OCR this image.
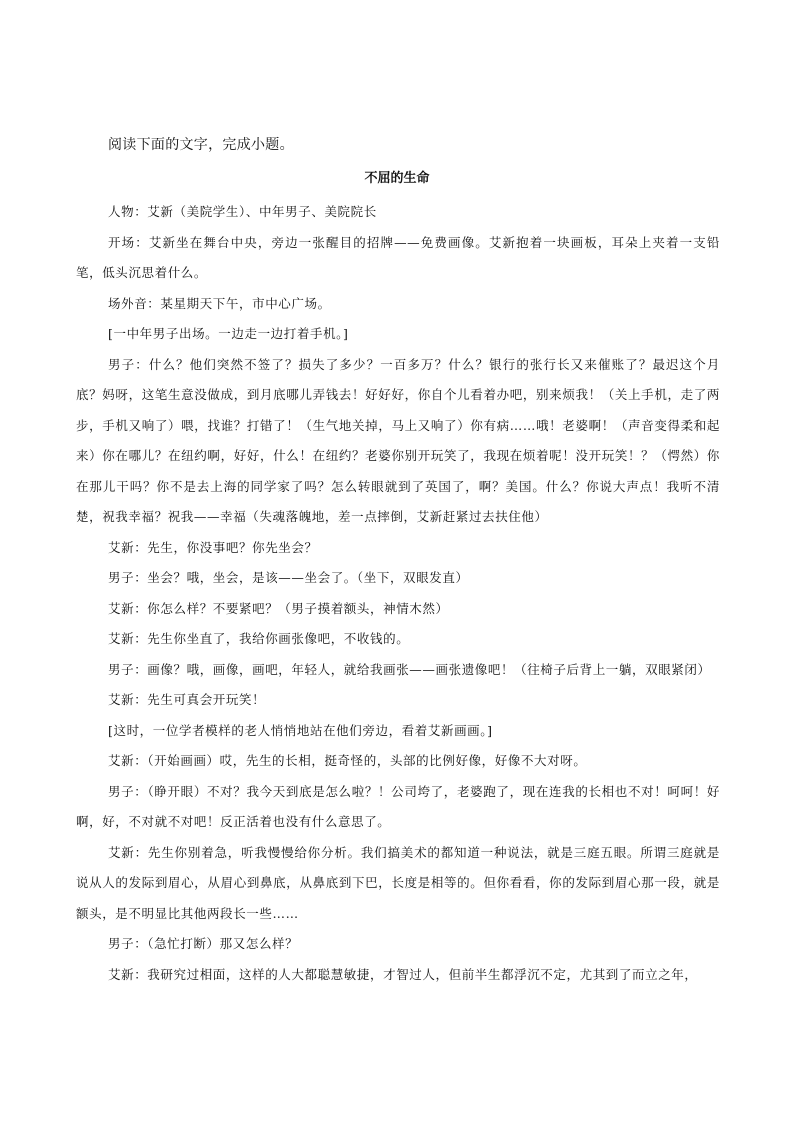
阅读下面的文字，完成小题。
不屈的生命

人物：艾新（美院学生）、中年男子、美院院长

开场：艾新坐在舞台中央，旁边一张醒目的招牌——免费画像。艾新抱着一块画板，耳朵上夹着一支铅笔，低头沉思着什么。

场外音：某星期天下午，市中心广场。

[一中年男子出场。一边走一边打着手机。]

男子：什么？他们突然不签了？损失了多少？一百多万？什么？银行的张行长又来催账了？最迟这个月底？妈呀，这笔生意没做成，到月底哪儿弄钱去！好好好，你自个儿看着办吧，别来烦我！（关上手机，走了两步，手机又响了）喂，找谁？打错了！（生气地关掉，马上又响了）你有病……哦！老婆啊！（声音变得柔和起来）你在哪儿？在纽约啊，好好，什么！在纽约？老婆你别开玩笑了，我现在烦着呢！没开玩笑！？（愕然）你在那儿干吗？你不是去上海的同学家了吗？怎么转眼就到了英国了，啊？美国。什么？你说大声点！我听不清楚，祝我幸福？祝我——幸福（失魂落魄地，差一点摔倒，艾新赶紧过去扶住他）

艾新：先生，你没事吧？你先坐会？

男子：坐会？哦，坐会，是该——坐会了。（坐下，双眼发直）

艾新：你怎么样？不要紧吧？（男子摸着额头，神情木然）

艾新：先生你坐直了，我给你画张像吧，不收钱的。

男子：画像？哦，画像，画吧，年轻人，就给我画张——画张遗像吧！（往椅子后背上一躺，双眼紧闭）

艾新：先生可真会开玩笑！

[这时，一位学者模样的老人悄悄地站在他们旁边，看着艾新画画。]

艾新：（开始画画）哎，先生的长相，挺奇怪的，头部的比例好像，好像不大对呀。

男子：（睁开眼）不对？我今天到底是怎么啦？！公司垮了，老婆跑了，现在连我的长相也不对！呵呵！好啊，好，不对就不对吧！反正活着也没有什么意思了。

艾新：先生你别着急，听我慢慢给你分析。我们搞美术的都知道一种说法，就是三庭五眼。所谓三庭就是说从人的发际到眉心，从眉心到鼻底，从鼻底到下巴，长度是相等的。但你看看，你的发际到眉心那一段，就是额头，是不明显比其他两段长一些……

男子：（急忙打断）那又怎么样？

艾新：我研究过相面，这样的人大都聪慧敏捷，才智过人，但前半生都浮沉不定，尤其到了而立之年，
